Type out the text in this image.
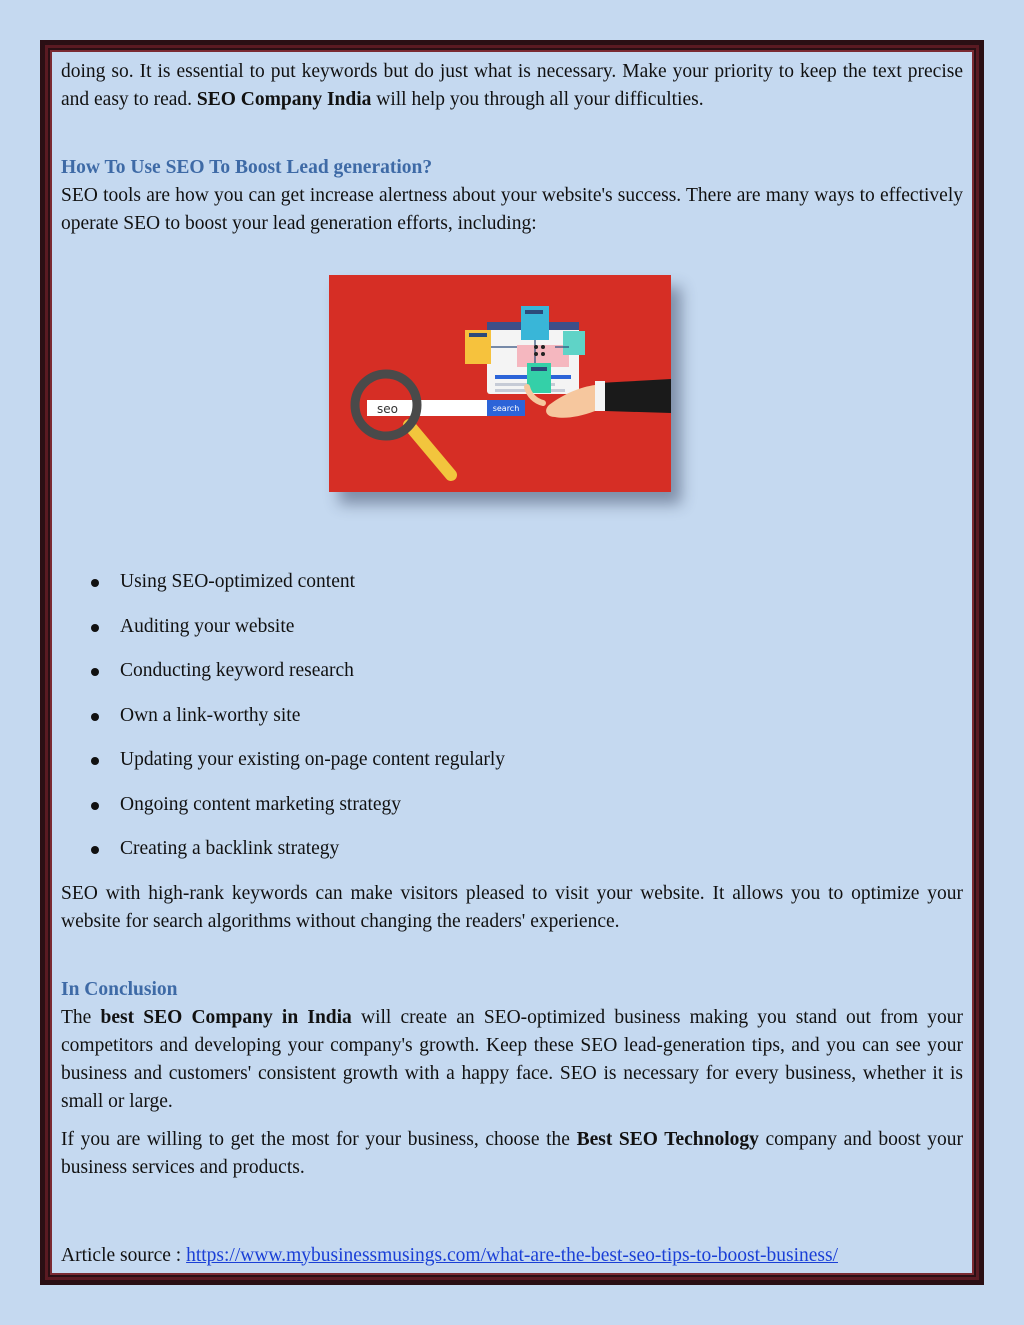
doing so. It is essential to put keywords but do just what is necessary. Make your priority to keep the text precise and easy to read. SEO Company India will help you through all your difficulties.

How To Use SEO To Boost Lead generation?

SEO tools are how you can get increase alertness about your website's success. There are many ways to effectively operate SEO to boost your lead generation efforts, including:

search
seo
Using SEO-optimized content
Auditing your website
Conducting keyword research
Own a link-worthy site
Updating your existing on-page content regularly
Ongoing content marketing strategy
Creating a backlink strategy

SEO with high-rank keywords can make visitors pleased to visit your website. It allows you to optimize your website for search algorithms without changing the readers' experience.

In Conclusion

The best SEO Company in India will create an SEO-optimized business making you stand out from your competitors and developing your company's growth. Keep these SEO lead-generation tips, and you can see your business and customers' consistent growth with a happy face. SEO is necessary for every business, whether it is small or large.

If you are willing to get the most for your business, choose the Best SEO Technology company and boost your business services and products.

Article source : https://www.mybusinessmusings.com/what-are-the-best-seo-tips-to-boost-business/
